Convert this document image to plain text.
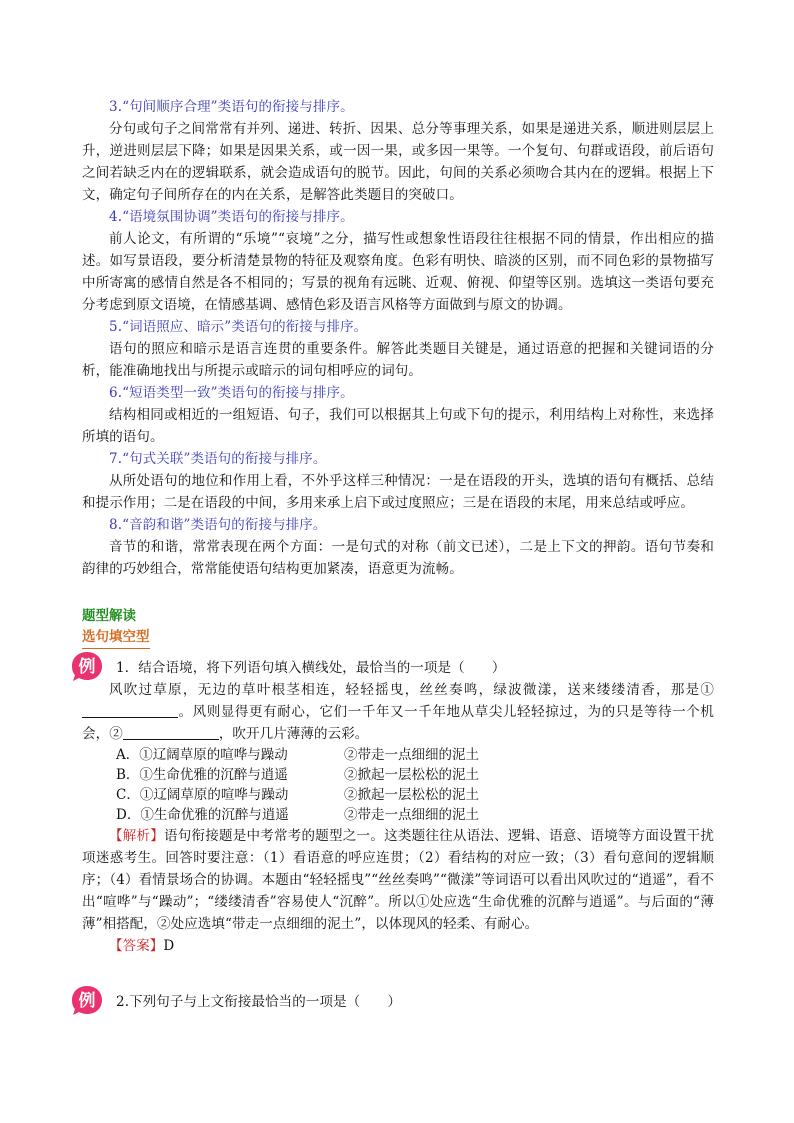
3.“句间顺序合理”类语句的衔接与排序。

分句或句子之间常常有并列、递进、转折、因果、总分等事理关系，如果是递进关系，顺进则层层上升，逆进则层层下降；如果是因果关系，或一因一果，或多因一果等。一个复句、句群或语段，前后语句之间若缺乏内在的逻辑联系，就会造成语句的脱节。因此，句间的关系必须吻合其内在的逻辑。根据上下文，确定句子间所存在的内在关系，是解答此类题目的突破口。

4.“语境氛围协调”类语句的衔接与排序。

前人论文，有所谓的“乐境”“哀境”之分，描写性或想象性语段往往根据不同的情景，作出相应的描述。如写景语段，要分析清楚景物的特征及观察角度。色彩有明快、暗淡的区别，而不同色彩的景物描写中所寄寓的感情自然是各不相同的；写景的视角有远眺、近观、俯视、仰望等区别。选填这一类语句要充分考虑到原文语境，在情感基调、感情色彩及语言风格等方面做到与原文的协调。

5.“词语照应、暗示”类语句的衔接与排序。

语句的照应和暗示是语言连贯的重要条件。解答此类题目关键是，通过语意的把握和关键词语的分析，能准确地找出与所提示或暗示的词句相呼应的词句。

6.“短语类型一致”类语句的衔接与排序。

结构相同或相近的一组短语、句子，我们可以根据其上句或下句的提示，利用结构上对称性，来选择所填的语句。

7.“句式关联”类语句的衔接与排序。

从所处语句的地位和作用上看，不外乎这样三种情况：一是在语段的开头，选填的语句有概括、总结和提示作用；二是在语段的中间，多用来承上启下或过度照应；三是在语段的末尾，用来总结或呼应。

8.“音韵和谐”类语句的衔接与排序。

音节的和谐，常常表现在两个方面：一是句式的对称（前文已述），二是上下文的押韵。语句节奏和韵律的巧妙组合，常常能使语句结构更加紧凑，语意更为流畅。

题型解读
选句填空型
例	1．结合语境，将下列语句填入横线处，最恰当的一项是（　　）

风吹过草原，无边的草叶根茎相连，轻轻摇曳，丝丝奏鸣，绿波微漾，送来缕缕清香，那是①。风则显得更有耐心，它们一千年又一千年地从草尖儿轻轻掠过，为的只是等待一个机会，②	，吹开几片薄薄的云彩。

A．①辽阔草原的喧哗与躁动	②带走一点细细的泥土
B．①生命优雅的沉醉与逍遥	②掀起一层松松的泥土
C．①辽阔草原的喧哗与躁动	②掀起一层松松的泥土
D．①生命优雅的沉醉与逍遥	②带走一点细细的泥土

【解析】语句衔接题是中考常考的题型之一。这类题往往从语法、逻辑、语意、语境等方面设置干扰项迷惑考生。回答时要注意：（1）看语意的呼应连贯；（2）看结构的对应一致；（3）看句意间的逻辑顺序；（4）看情景场合的协调。本题由“轻轻摇曳”“丝丝奏鸣”“微漾”等词语可以看出风吹过的“逍遥”，看不出“喧哗”与“躁动”；“缕缕清香”容易使人“沉醉”。所以①处应选“生命优雅的沉醉与逍遥”。与后面的“薄薄”相搭配，②处应选填“带走一点细细的泥土”，以体现风的轻柔、有耐心。

【答案】D

例	2.下列句子与上文衔接最恰当的一项是（　　）
